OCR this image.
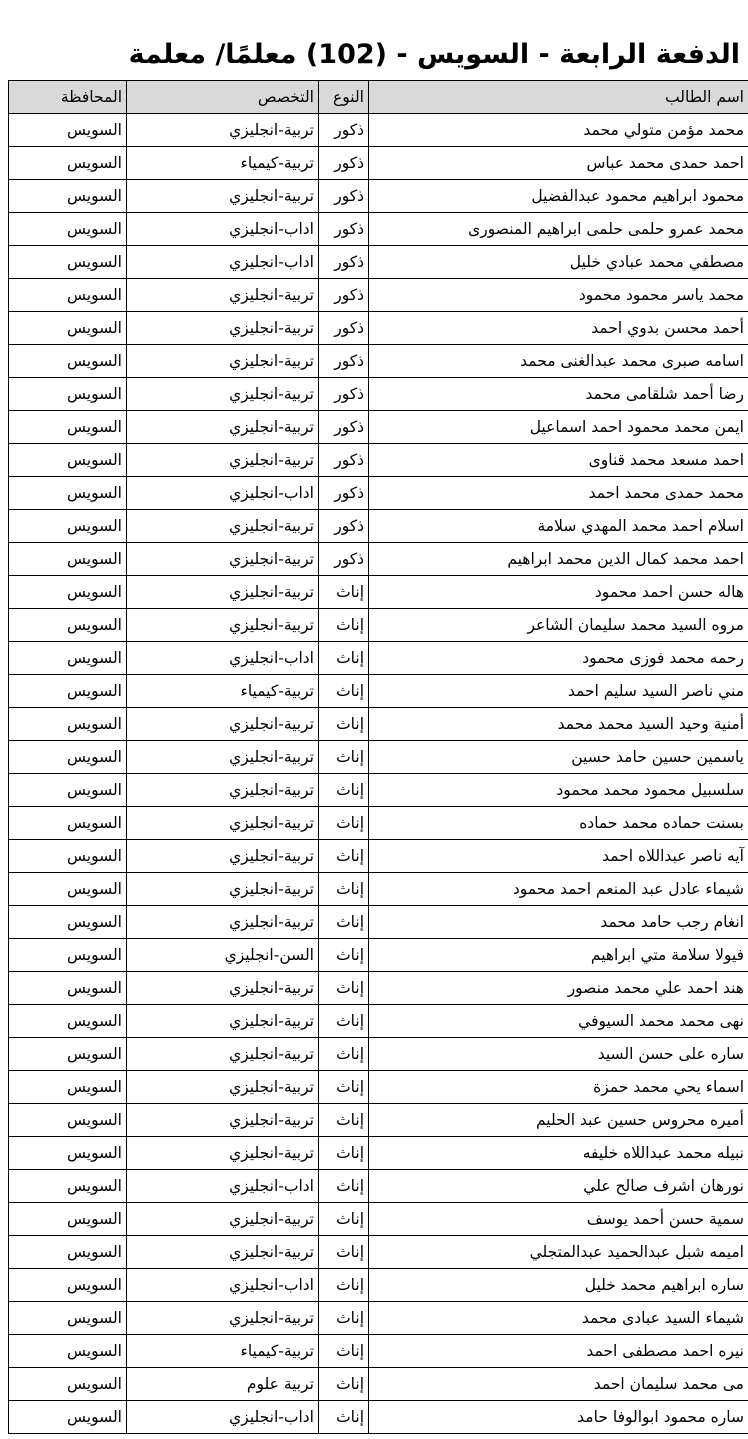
الدفعة الرابعة - السويس - (102) معلمًا/ معلمة
اسم الطالب	النوع	التخصص	المحافظة
محمد مؤمن متولي محمد	ذكور	تربية-انجليزي	السويس
احمد حمدى محمد عباس	ذكور	تربية-كيمياء	السويس
محمود ابراهيم محمود عبدالفضيل	ذكور	تربية-انجليزي	السويس
محمد عمرو حلمى حلمى ابراهيم المنصورى	ذكور	اداب-انجليزي	السويس
مصطفي محمد عبادي خليل	ذكور	اداب-انجليزي	السويس
محمد ياسر محمود محمود	ذكور	تربية-انجليزي	السويس
أحمد محسن بدوي احمد	ذكور	تربية-انجليزي	السويس
اسامه صبرى محمد عبدالغنى محمد	ذكور	تربية-انجليزي	السويس
رضا أحمد شلقامى محمد	ذكور	تربية-انجليزي	السويس
ايمن محمد محمود احمد اسماعيل	ذكور	تربية-انجليزي	السويس
احمد مسعد محمد قناوى	ذكور	تربية-انجليزي	السويس
محمد حمدى محمد احمد	ذكور	اداب-انجليزي	السويس
اسلام احمد محمد المهدي سلامة	ذكور	تربية-انجليزي	السويس
احمد محمد كمال الدين محمد ابراهيم	ذكور	تربية-انجليزي	السويس
هاله حسن احمد محمود	إناث	تربية-انجليزي	السويس
مروه السيد محمد سليمان الشاعر	إناث	تربية-انجليزي	السويس
رحمه محمد فوزى محمود	إناث	اداب-انجليزي	السويس
مني ناصر السيد سليم احمد	إناث	تربية-كيمياء	السويس
أمنية وحيد السيد محمد محمد	إناث	تربية-انجليزي	السويس
ياسمين حسين حامد حسين	إناث	تربية-انجليزي	السويس
سلسبيل محمود محمد محمود	إناث	تربية-انجليزي	السويس
بسنت حماده محمد حماده	إناث	تربية-انجليزي	السويس
آيه ناصر عبداللاه احمد	إناث	تربية-انجليزي	السويس
شيماء عادل عبد المنعم احمد محمود	إناث	تربية-انجليزي	السويس
انغام رجب حامد محمد	إناث	تربية-انجليزي	السويس
فيولا سلامة متي ابراهيم	إناث	السن-انجليزي	السويس
هند احمد علي محمد منصور	إناث	تربية-انجليزي	السويس
نهى محمد محمد السيوفي	إناث	تربية-انجليزي	السويس
ساره على حسن السيد	إناث	تربية-انجليزي	السويس
اسماء يحي محمد حمزة	إناث	تربية-انجليزي	السويس
أميره محروس حسين عبد الحليم	إناث	تربية-انجليزي	السويس
نبيله محمد عبداللاه خليفه	إناث	تربية-انجليزي	السويس
نورهان اشرف صالح علي	إناث	اداب-انجليزي	السويس
سمية حسن أحمد يوسف	إناث	تربية-انجليزي	السويس
اميمه شبل عبدالحميد عبدالمتجلي	إناث	تربية-انجليزي	السويس
ساره ابراهيم محمد خليل	إناث	اداب-انجليزي	السويس
شيماء السيد عبادى محمد	إناث	تربية-انجليزي	السويس
نيره احمد مصطفى احمد	إناث	تربية-كيمياء	السويس
مى محمد سليمان احمد	إناث	تربية علوم	السويس
ساره محمود ابوالوفا حامد	إناث	اداب-انجليزي	السويس
